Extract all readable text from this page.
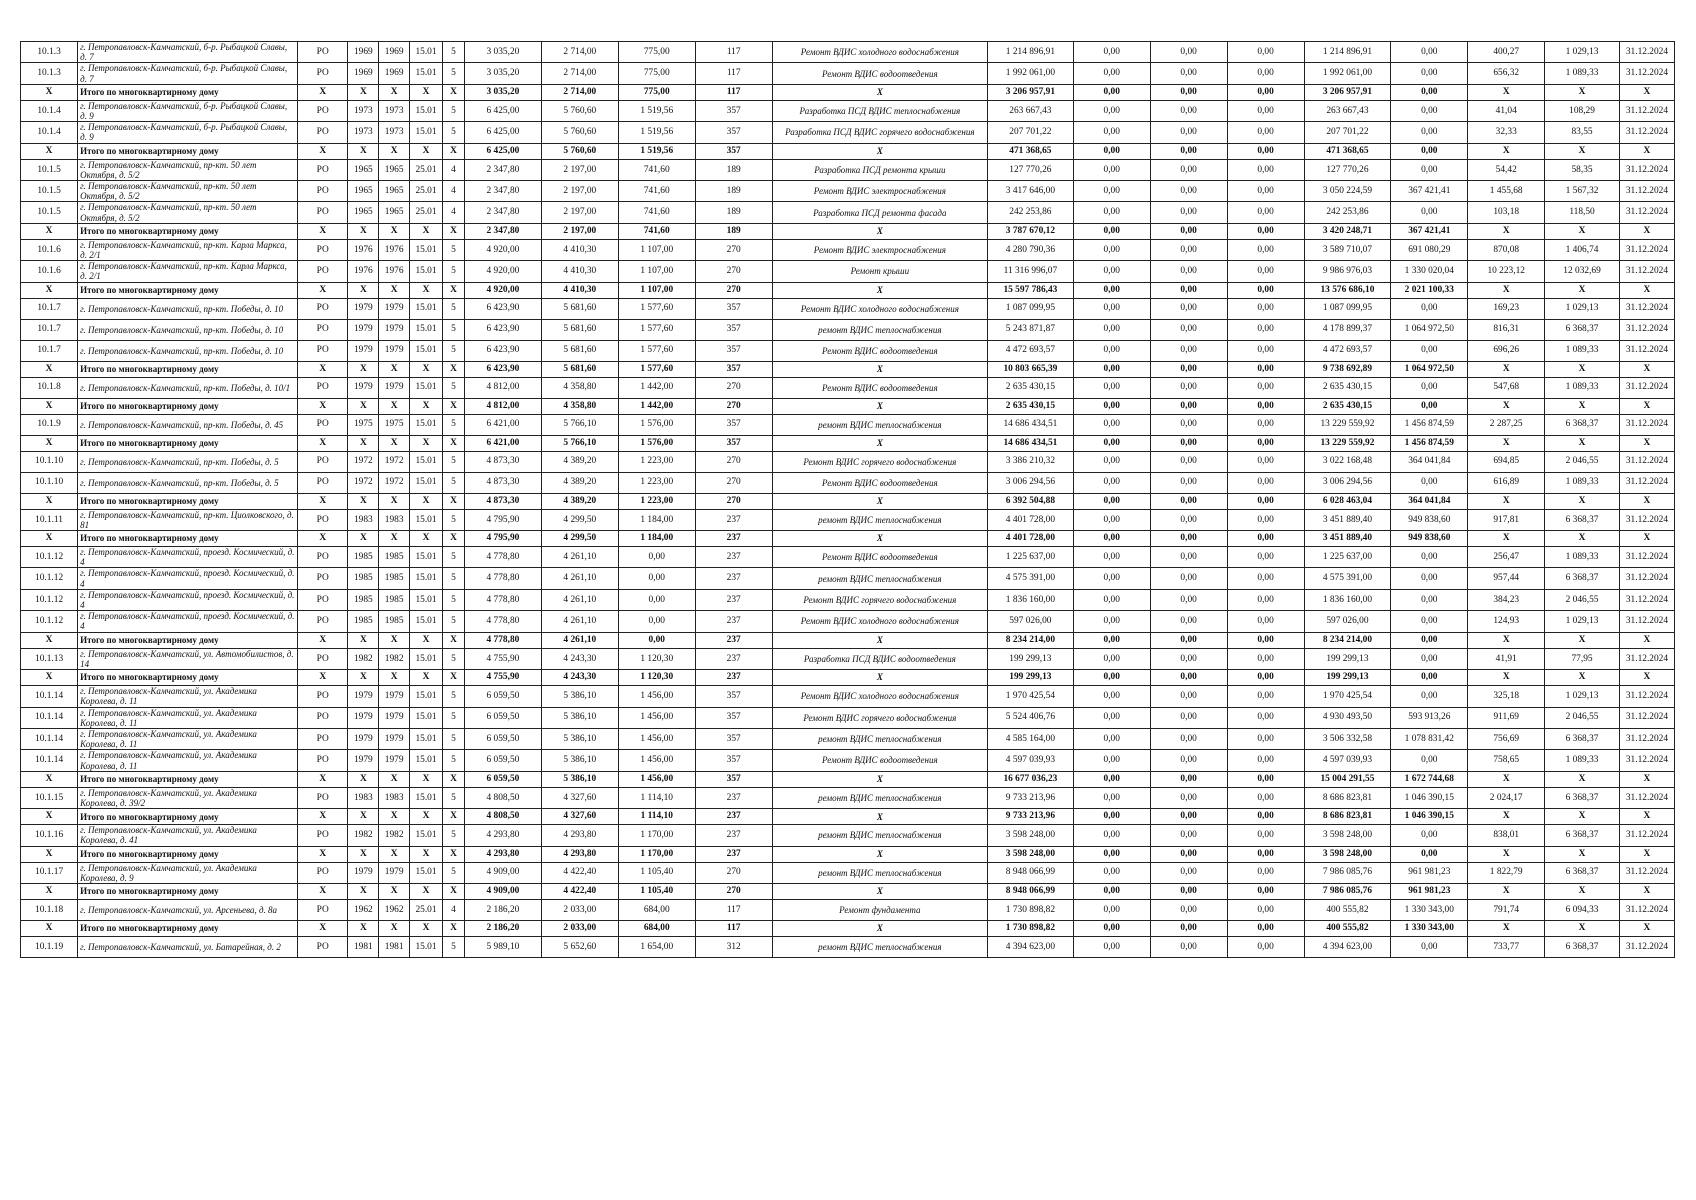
10.1.3	г. Петропавловск-Камчатский, б-р. Рыбацкой Славы, д. 7	РО	1969	1969	15.01	5	3 035,20	2 714,00	775,00	117	Ремонт ВДИС холодного водоснабжения	1 214 896,91	0,00	0,00	0,00	1 214 896,91	0,00	400,27	1 029,13	31.12.2024
10.1.3	г. Петропавловск-Камчатский, б-р. Рыбацкой Славы, д. 7	РО	1969	1969	15.01	5	3 035,20	2 714,00	775,00	117	Ремонт ВДИС водоотведения	1 992 061,00	0,00	0,00	0,00	1 992 061,00	0,00	656,32	1 089,33	31.12.2024
X	Итого по многоквартирному дому	X	X	X	X	X	3 035,20	2 714,00	775,00	117	X	3 206 957,91	0,00	0,00	0,00	3 206 957,91	0,00	X	X	X
10.1.4	г. Петропавловск-Камчатский, б-р. Рыбацкой Славы, д. 9	РО	1973	1973	15.01	5	6 425,00	5 760,60	1 519,56	357	Разработка ПСД ВДИС теплоснабжения	263 667,43	0,00	0,00	0,00	263 667,43	0,00	41,04	108,29	31.12.2024
10.1.4	г. Петропавловск-Камчатский, б-р. Рыбацкой Славы, д. 9	РО	1973	1973	15.01	5	6 425,00	5 760,60	1 519,56	357	Разработка ПСД ВДИС горячего водоснабжения	207 701,22	0,00	0,00	0,00	207 701,22	0,00	32,33	83,55	31.12.2024
X	Итого по многоквартирному дому	X	X	X	X	X	6 425,00	5 760,60	1 519,56	357	X	471 368,65	0,00	0,00	0,00	471 368,65	0,00	X	X	X
10.1.5	г. Петропавловск-Камчатский, пр-кт. 50 лет Октября, д. 5/2	РО	1965	1965	25.01	4	2 347,80	2 197,00	741,60	189	Разработка ПСД ремонта крыши	127 770,26	0,00	0,00	0,00	127 770,26	0,00	54,42	58,35	31.12.2024
10.1.5	г. Петропавловск-Камчатский, пр-кт. 50 лет Октября, д. 5/2	РО	1965	1965	25.01	4	2 347,80	2 197,00	741,60	189	Ремонт ВДИС электроснабжения	3 417 646,00	0,00	0,00	0,00	3 050 224,59	367 421,41	1 455,68	1 567,32	31.12.2024
10.1.5	г. Петропавловск-Камчатский, пр-кт. 50 лет Октября, д. 5/2	РО	1965	1965	25.01	4	2 347,80	2 197,00	741,60	189	Разработка ПСД ремонта фасада	242 253,86	0,00	0,00	0,00	242 253,86	0,00	103,18	118,50	31.12.2024
X	Итого по многоквартирному дому	X	X	X	X	X	2 347,80	2 197,00	741,60	189	X	3 787 670,12	0,00	0,00	0,00	3 420 248,71	367 421,41	X	X	X
10.1.6	г. Петропавловск-Камчатский, пр-кт. Карла Маркса, д. 2/1	РО	1976	1976	15.01	5	4 920,00	4 410,30	1 107,00	270	Ремонт ВДИС электроснабжения	4 280 790,36	0,00	0,00	0,00	3 589 710,07	691 080,29	870,08	1 406,74	31.12.2024
10.1.6	г. Петропавловск-Камчатский, пр-кт. Карла Маркса, д. 2/1	РО	1976	1976	15.01	5	4 920,00	4 410,30	1 107,00	270	Ремонт крыши	11 316 996,07	0,00	0,00	0,00	9 986 976,03	1 330 020,04	10 223,12	12 032,69	31.12.2024
X	Итого по многоквартирному дому	X	X	X	X	X	4 920,00	4 410,30	1 107,00	270	X	15 597 786,43	0,00	0,00	0,00	13 576 686,10	2 021 100,33	X	X	X
10.1.7	г. Петропавловск-Камчатский, пр-кт. Победы, д. 10	РО	1979	1979	15.01	5	6 423,90	5 681,60	1 577,60	357	Ремонт ВДИС холодного водоснабжения	1 087 099,95	0,00	0,00	0,00	1 087 099,95	0,00	169,23	1 029,13	31.12.2024
10.1.7	г. Петропавловск-Камчатский, пр-кт. Победы, д. 10	РО	1979	1979	15.01	5	6 423,90	5 681,60	1 577,60	357	ремонт ВДИС теплоснабжения	5 243 871,87	0,00	0,00	0,00	4 178 899,37	1 064 972,50	816,31	6 368,37	31.12.2024
10.1.7	г. Петропавловск-Камчатский, пр-кт. Победы, д. 10	РО	1979	1979	15.01	5	6 423,90	5 681,60	1 577,60	357	Ремонт ВДИС водоотведения	4 472 693,57	0,00	0,00	0,00	4 472 693,57	0,00	696,26	1 089,33	31.12.2024
X	Итого по многоквартирному дому	X	X	X	X	X	6 423,90	5 681,60	1 577,60	357	X	10 803 665,39	0,00	0,00	0,00	9 738 692,89	1 064 972,50	X	X	X
10.1.8	г. Петропавловск-Камчатский, пр-кт. Победы, д. 10/1	РО	1979	1979	15.01	5	4 812,00	4 358,80	1 442,00	270	Ремонт ВДИС водоотведения	2 635 430,15	0,00	0,00	0,00	2 635 430,15	0,00	547,68	1 089,33	31.12.2024
X	Итого по многоквартирному дому	X	X	X	X	X	4 812,00	4 358,80	1 442,00	270	X	2 635 430,15	0,00	0,00	0,00	2 635 430,15	0,00	X	X	X
10.1.9	г. Петропавловск-Камчатский, пр-кт. Победы, д. 45	РО	1975	1975	15.01	5	6 421,00	5 766,10	1 576,00	357	ремонт ВДИС теплоснабжения	14 686 434,51	0,00	0,00	0,00	13 229 559,92	1 456 874,59	2 287,25	6 368,37	31.12.2024
X	Итого по многоквартирному дому	X	X	X	X	X	6 421,00	5 766,10	1 576,00	357	X	14 686 434,51	0,00	0,00	0,00	13 229 559,92	1 456 874,59	X	X	X
10.1.10	г. Петропавловск-Камчатский, пр-кт. Победы, д. 5	РО	1972	1972	15.01	5	4 873,30	4 389,20	1 223,00	270	Ремонт ВДИС горячего водоснабжения	3 386 210,32	0,00	0,00	0,00	3 022 168,48	364 041,84	694,85	2 046,55	31.12.2024
10.1.10	г. Петропавловск-Камчатский, пр-кт. Победы, д. 5	РО	1972	1972	15.01	5	4 873,30	4 389,20	1 223,00	270	Ремонт ВДИС водоотведения	3 006 294,56	0,00	0,00	0,00	3 006 294,56	0,00	616,89	1 089,33	31.12.2024
X	Итого по многоквартирному дому	X	X	X	X	X	4 873,30	4 389,20	1 223,00	270	X	6 392 504,88	0,00	0,00	0,00	6 028 463,04	364 041,84	X	X	X
10.1.11	г. Петропавловск-Камчатский, пр-кт. Циолковского, д. 81	РО	1983	1983	15.01	5	4 795,90	4 299,50	1 184,00	237	ремонт ВДИС теплоснабжения	4 401 728,00	0,00	0,00	0,00	3 451 889,40	949 838,60	917,81	6 368,37	31.12.2024
X	Итого по многоквартирному дому	X	X	X	X	X	4 795,90	4 299,50	1 184,00	237	X	4 401 728,00	0,00	0,00	0,00	3 451 889,40	949 838,60	X	X	X
10.1.12	г. Петропавловск-Камчатский, проезд. Космический, д. 4	РО	1985	1985	15.01	5	4 778,80	4 261,10	0,00	237	Ремонт ВДИС водоотведения	1 225 637,00	0,00	0,00	0,00	1 225 637,00	0,00	256,47	1 089,33	31.12.2024
10.1.12	г. Петропавловск-Камчатский, проезд. Космический, д. 4	РО	1985	1985	15.01	5	4 778,80	4 261,10	0,00	237	ремонт ВДИС теплоснабжения	4 575 391,00	0,00	0,00	0,00	4 575 391,00	0,00	957,44	6 368,37	31.12.2024
10.1.12	г. Петропавловск-Камчатский, проезд. Космический, д. 4	РО	1985	1985	15.01	5	4 778,80	4 261,10	0,00	237	Ремонт ВДИС горячего водоснабжения	1 836 160,00	0,00	0,00	0,00	1 836 160,00	0,00	384,23	2 046,55	31.12.2024
10.1.12	г. Петропавловск-Камчатский, проезд. Космический, д. 4	РО	1985	1985	15.01	5	4 778,80	4 261,10	0,00	237	Ремонт ВДИС холодного водоснабжения	597 026,00	0,00	0,00	0,00	597 026,00	0,00	124,93	1 029,13	31.12.2024
X	Итого по многоквартирному дому	X	X	X	X	X	4 778,80	4 261,10	0,00	237	X	8 234 214,00	0,00	0,00	0,00	8 234 214,00	0,00	X	X	X
10.1.13	г. Петропавловск-Камчатский, ул. Автомобилистов, д. 14	РО	1982	1982	15.01	5	4 755,90	4 243,30	1 120,30	237	Разработка ПСД ВДИС водоотведения	199 299,13	0,00	0,00	0,00	199 299,13	0,00	41,91	77,95	31.12.2024
X	Итого по многоквартирному дому	X	X	X	X	X	4 755,90	4 243,30	1 120,30	237	X	199 299,13	0,00	0,00	0,00	199 299,13	0,00	X	X	X
10.1.14	г. Петропавловск-Камчатский, ул. Академика Королева, д. 11	РО	1979	1979	15.01	5	6 059,50	5 386,10	1 456,00	357	Ремонт ВДИС холодного водоснабжения	1 970 425,54	0,00	0,00	0,00	1 970 425,54	0,00	325,18	1 029,13	31.12.2024
10.1.14	г. Петропавловск-Камчатский, ул. Академика Королева, д. 11	РО	1979	1979	15.01	5	6 059,50	5 386,10	1 456,00	357	Ремонт ВДИС горячего водоснабжения	5 524 406,76	0,00	0,00	0,00	4 930 493,50	593 913,26	911,69	2 046,55	31.12.2024
10.1.14	г. Петропавловск-Камчатский, ул. Академика Королева, д. 11	РО	1979	1979	15.01	5	6 059,50	5 386,10	1 456,00	357	ремонт ВДИС теплоснабжения	4 585 164,00	0,00	0,00	0,00	3 506 332,58	1 078 831,42	756,69	6 368,37	31.12.2024
10.1.14	г. Петропавловск-Камчатский, ул. Академика Королева, д. 11	РО	1979	1979	15.01	5	6 059,50	5 386,10	1 456,00	357	Ремонт ВДИС водоотведения	4 597 039,93	0,00	0,00	0,00	4 597 039,93	0,00	758,65	1 089,33	31.12.2024
X	Итого по многоквартирному дому	X	X	X	X	X	6 059,50	5 386,10	1 456,00	357	X	16 677 036,23	0,00	0,00	0,00	15 004 291,55	1 672 744,68	X	X	X
10.1.15	г. Петропавловск-Камчатский, ул. Академика Королева, д. 39/2	РО	1983	1983	15.01	5	4 808,50	4 327,60	1 114,10	237	ремонт ВДИС теплоснабжения	9 733 213,96	0,00	0,00	0,00	8 686 823,81	1 046 390,15	2 024,17	6 368,37	31.12.2024
X	Итого по многоквартирному дому	X	X	X	X	X	4 808,50	4 327,60	1 114,10	237	X	9 733 213,96	0,00	0,00	0,00	8 686 823,81	1 046 390,15	X	X	X
10.1.16	г. Петропавловск-Камчатский, ул. Академика Королева, д. 41	РО	1982	1982	15.01	5	4 293,80	4 293,80	1 170,00	237	ремонт ВДИС теплоснабжения	3 598 248,00	0,00	0,00	0,00	3 598 248,00	0,00	838,01	6 368,37	31.12.2024
X	Итого по многоквартирному дому	X	X	X	X	X	4 293,80	4 293,80	1 170,00	237	X	3 598 248,00	0,00	0,00	0,00	3 598 248,00	0,00	X	X	X
10.1.17	г. Петропавловск-Камчатский, ул. Академика Королева, д. 9	РО	1979	1979	15.01	5	4 909,00	4 422,40	1 105,40	270	ремонт ВДИС теплоснабжения	8 948 066,99	0,00	0,00	0,00	7 986 085,76	961 981,23	1 822,79	6 368,37	31.12.2024
X	Итого по многоквартирному дому	X	X	X	X	X	4 909,00	4 422,40	1 105,40	270	X	8 948 066,99	0,00	0,00	0,00	7 986 085,76	961 981,23	X	X	X
10.1.18	г. Петропавловск-Камчатский, ул. Арсеньева, д. 8а	РО	1962	1962	25.01	4	2 186,20	2 033,00	684,00	117	Ремонт фундамента	1 730 898,82	0,00	0,00	0,00	400 555,82	1 330 343,00	791,74	6 094,33	31.12.2024
X	Итого по многоквартирному дому	X	X	X	X	X	2 186,20	2 033,00	684,00	117	X	1 730 898,82	0,00	0,00	0,00	400 555,82	1 330 343,00	X	X	X
10.1.19	г. Петропавловск-Камчатский, ул. Батарейная, д. 2	РО	1981	1981	15.01	5	5 989,10	5 652,60	1 654,00	312	ремонт ВДИС теплоснабжения	4 394 623,00	0,00	0,00	0,00	4 394 623,00	0,00	733,77	6 368,37	31.12.2024
